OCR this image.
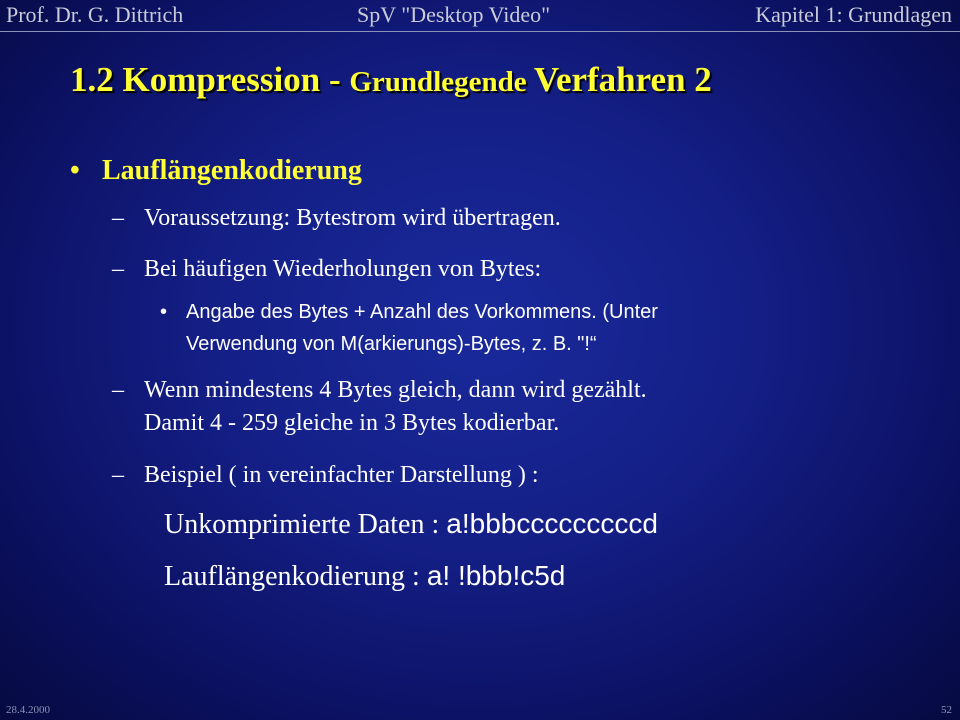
Prof. Dr. G. Dittrich	SpV "Desktop Video"	Kapitel 1: Grundlagen
1.2 Kompression - Grundlegende Verfahren 2
• Lauflängenkodierung
– Voraussetzung: Bytestrom wird übertragen.
– Bei häufigen Wiederholungen von Bytes:
• Angabe des Bytes + Anzahl des Vorkommens. (Unter
Verwendung von M(arkierungs)-Bytes, z. B. "!“
– Wenn mindestens 4 Bytes gleich, dann wird gezählt.
Damit 4 - 259 gleiche in 3 Bytes kodierbar.
– Beispiel ( in vereinfachter Darstellung ) :
Unkomprimierte Daten : a!bbbcccccccccd
Lauflängenkodierung : a! !bbb!c5d
28.4.2000	52
